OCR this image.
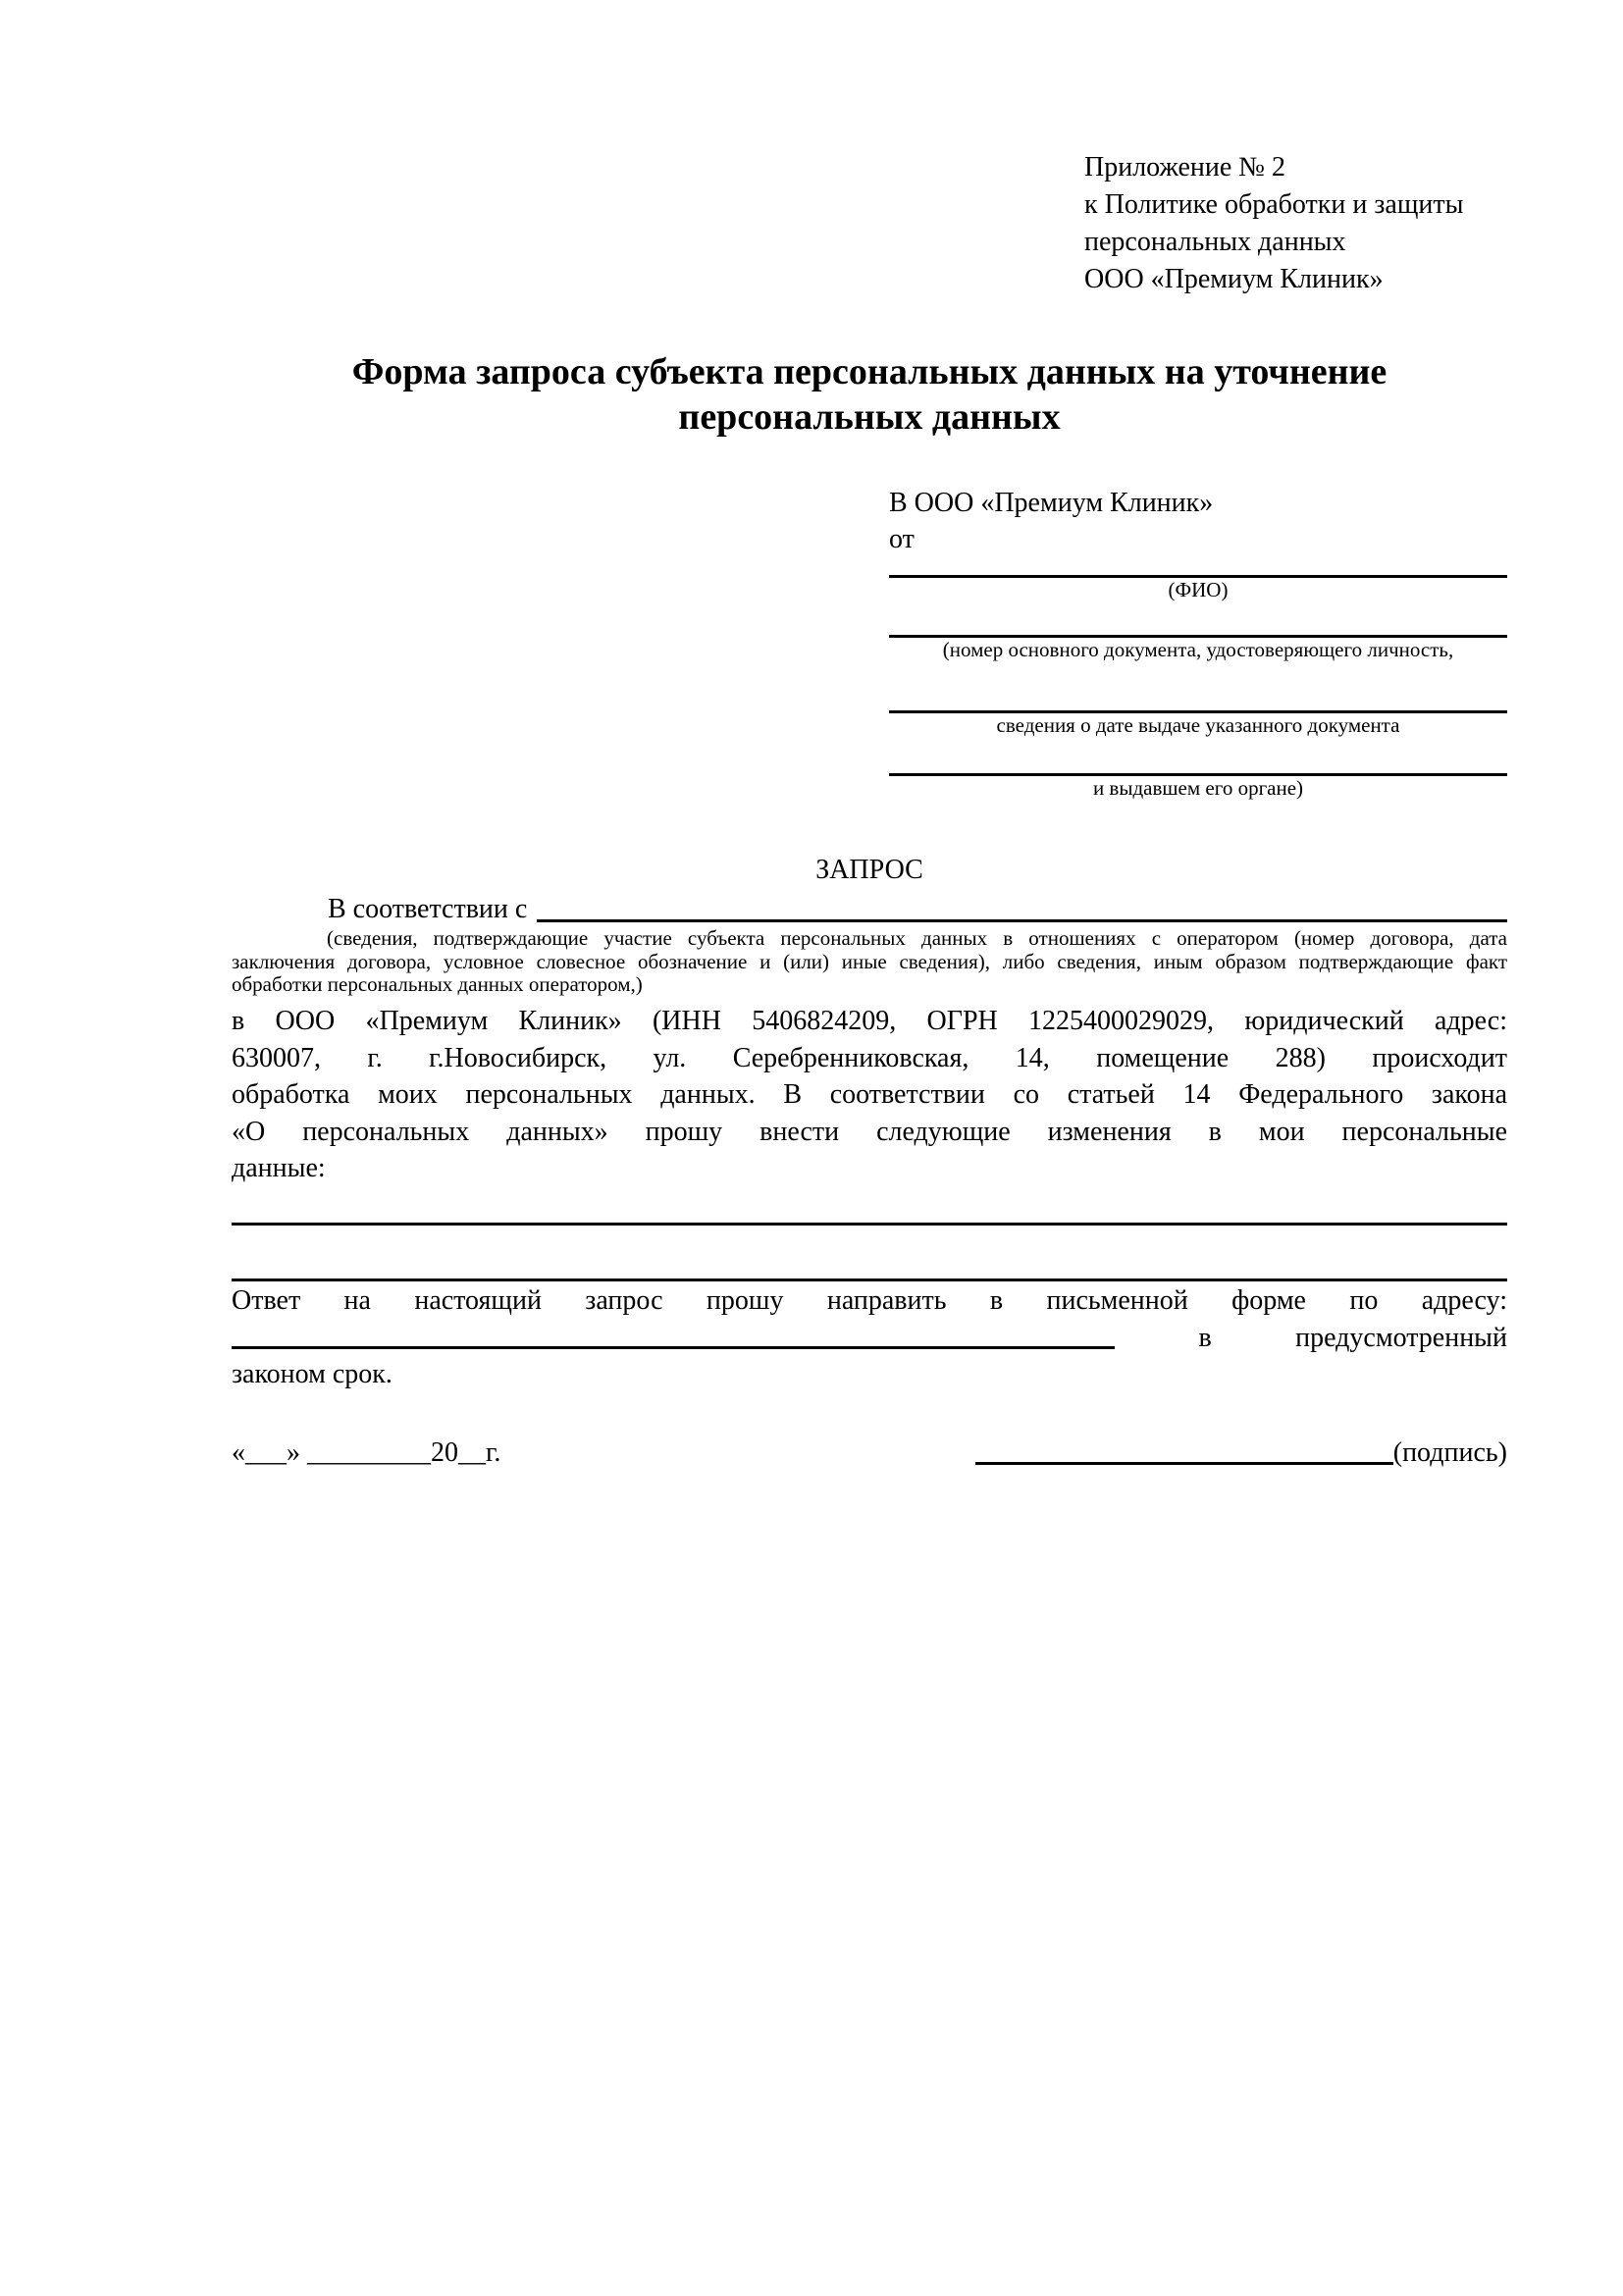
Приложение № 2
к Политике обработки и защиты
персональных данных
ООО «Премиум Клиник»
Форма запроса субъекта персональных данных на уточнение
персональных данных
В ООО «Премиум Клиник»
от
(ФИО)
(номер основного документа, удостоверяющего личность,
сведения о дате выдаче указанного документа
и выдавшем его органе)
ЗАПРОС
В соответствии с
(сведения, подтверждающие участие субъекта персональных данных в отношениях с оператором (номер договора, дата
заключения договора, условное словесное обозначение и (или) иные сведения), либо сведения, иным образом подтверждающие факт
обработки персональных данных оператором,)
в ООО «Премиум Клиник» (ИНН 5406824209, ОГРН 1225400029029, юридический адрес:
630007, г. г.Новосибирск, ул. Серебренниковская, 14, помещение 288) происходит
обработка моих персональных данных. В соответствии со статьей 14 Федерального закона
«О персональных данных» прошу внести следующие изменения в мои персональные
данные:
Ответ на настоящий запрос прошу направить в письменной форме по адресу:
в	предусмотренный
законом срок.
«___» _________20__г.	(подпись)
